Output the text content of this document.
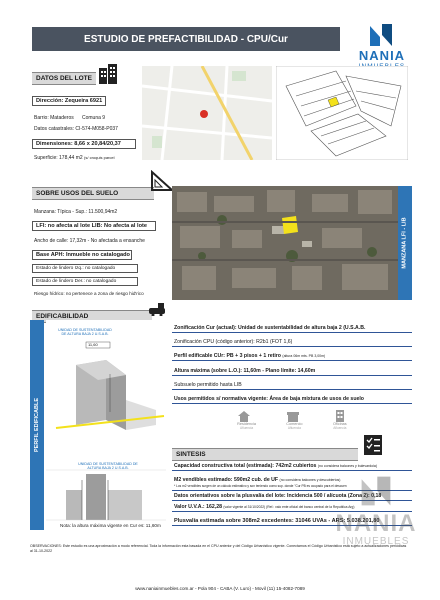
ESTUDIO DE PREFACTIBILIDAD - CPU/Cur
NANIA
DATOS DEL LOTE
Dirección: Zequeira 6921
Barrio: Mataderos Comuna 9
Datos catastrales: CI-574-M058-P037
Dimensiones: 8,66 x 20,84/20,37
Superficie: 178,44 m2 (s/ croquis parcel
SOBRE USOS DEL SUELO
Manzana: Típica - Sup.: 11.500,94m2
LFI: no afecta al lote LIB: No afecta al lote
Ancho de calle: 17,32m - No afectada a ensanche
Base APH: Inmueble no catalogado
Estado de lindero Izq.: no catalogado
Estado de lindero Der.: no catalogado
Riesgo hídrico: no pertenece a zona de riesgo hid'rico
MANZANA LFI - LIB
EDIFICABILIDAD
PERFIL EDIFICABLE
UNIDAD DE SUSTENTABILIDAD DE ALTURA BAJA 2 U.S.A.B.
11,60
UNIDAD DE SUSTENTABILIDAD DE ALTURA BAJA 2 U.S.A.B.
Nota: la altura máxima vigente en Cur es: 11,60m
Zonificación Cur (actual): Unidad de sustentabilidad de altura baja 2 (U.S.A.B.
Zonificación CPU (código anterior): R2b1 (FOT 1,6)
Perfil edificable CUr: PB + 3 pisos + 1 retiro (altura 06m mts. PB 3,00m)
Altura máxima (sobre L.O.): 11,60m - Plano límite: 14,60m
Subsuelo permitido hasta LIB
Usos permitidos s/ normativa vigente: Área de baja mixtura de usos de suelo
Residencia
Afluencia
Comercio
Afluencia
Oficinas
Afluencia
SINTESIS
Capacidad constructiva total (estimada): 742m2 cubiertos (no considera balcones y bulevardoia)
M2 vendibles estimado: 590m2 cub. de UF (no considera balcones y descubiertos)
* Los m2 vendibles surgen de un cálculo estimativo y son teniendo como sup. donde "Cur PB es ocupado para el descuen
Datos orientativos sobre la plusvalía del lote: Incidencia 500 / alícuota (Zona 2): 0,18
Valor U.V.A.: 162,28 (valor vigente al 31/10/2022) (Ref.: valo ente oficial del banco central de la Republica Arg)
Plusvalía estimada sobre 308m2 excedentes: 31046 UVAs - ARS: 5.038.201,80
NANIA
INMUEBLES
OBSERVACIONES: Este estudio es una aproximación a modo referencial. Toda la información esta basada en el CPU anterior y del Código Urbanístico vigente. Conectamos el Código Urbanístico está sujeto a actualizaciones periódicas al 31-10-2022
www.naniainmuebles.com.ar - Pola 904 - CABA (V. Luro) - Movil (11) 15-4082-7089
